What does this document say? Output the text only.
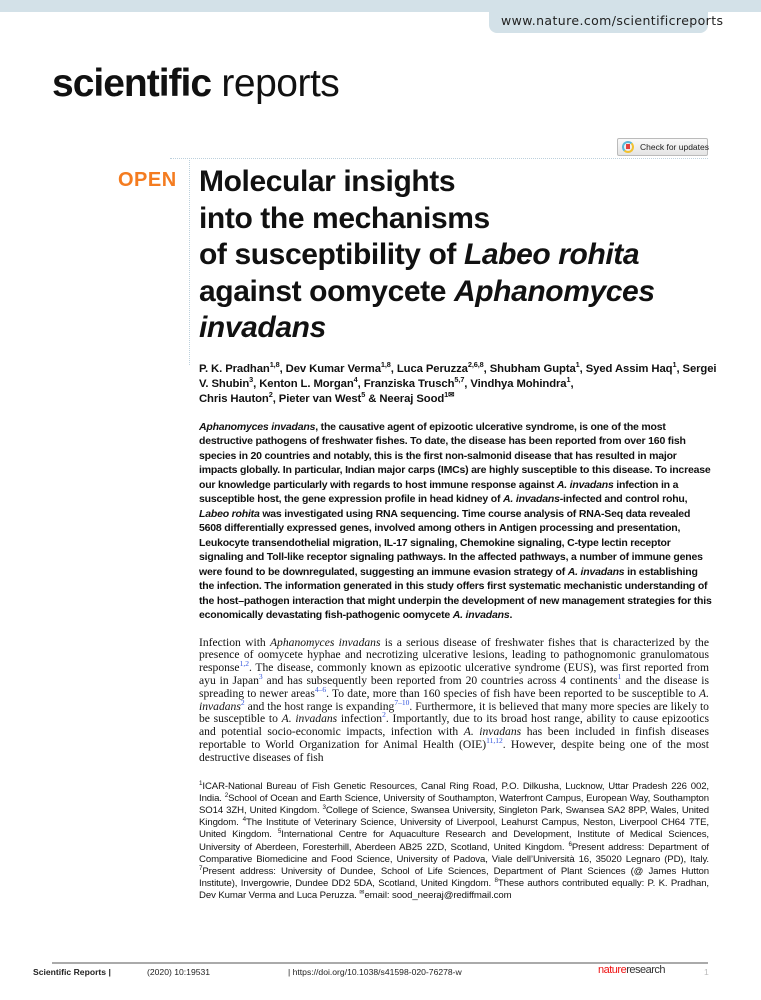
www.nature.com/scientificreports
scientific reports
Check for updates
OPEN Molecular insights
into the mechanisms
of susceptibility of Labeo rohita
against oomycete Aphanomyces
invadans
P. K. Pradhan$^{1,8}$, Dev Kumar Verma$^{1,8}$, Luca Peruzza$^{2,6,8}$, Shubham Gupta$^1$, Syed Assim Haq$^1$, Sergei V. Shubin$^3$, Kenton L. Morgan$^4$, Franziska Trusch$^{5,7}$, Vindhya Mohindra$^1$,
Chris Hauton$^2$, Pieter van West$^5$ & Neeraj Sood$^{1✉}$
Aphanomyces invadans, the causative agent of epizootic ulcerative syndrome, is one of the most destructive pathogens of freshwater fishes. To date, the disease has been reported from over 160 fish species in 20 countries and notably, this is the first non-salmonid disease that has resulted in major impacts globally. In particular, Indian major carps (IMCs) are highly susceptible to this disease. To increase our knowledge particularly with regards to host immune response against A. invadans infection in a susceptible host, the gene expression profile in head kidney of A. invadans-infected and control rohu, Labeo rohita was investigated using RNA sequencing. Time course analysis of RNA-Seq data revealed 5608 differentially expressed genes, involved among others in Antigen processing and presentation, Leukocyte transendothelial migration, IL-17 signaling, Chemokine signaling, C-type lectin receptor signaling and Toll-like receptor signaling pathways. In the affected pathways, a number of immune genes were found to be downregulated, suggesting an immune evasion strategy of A. invadans in establishing the infection. The information generated in this study offers first systematic mechanistic understanding of the host–pathogen interaction that might underpin the development of new management strategies for this economically devastating fish-pathogenic oomycete A. invadans.
Infection with Aphanomyces invadans is a serious disease of freshwater fishes that is characterized by the presence of oomycete hyphae and necrotizing ulcerative lesions, leading to pathognomonic granulomatous response$^{1,2}$. The disease, commonly known as epizootic ulcerative syndrome (EUS), was first reported from ayu in Japan$^3$ and has subsequently been reported from 20 countries across 4 continents$^1$ and the disease is spreading to newer areas$^{4-6}$. To date, more than 160 species of fish have been reported to be susceptible to A. invadans$^2$ and the host range is expanding$^{7-10}$. Furthermore, it is believed that many more species are likely to be susceptible to A. invadans infection$^2$. Importantly, due to its broad host range, ability to cause epizootics and potential socio-economic impacts, infection with A. invadans has been included in finfish diseases reportable to World Organization for Animal Health (OIE)$^{11,12}$. However, despite being one of the most destructive diseases of fish
$^1$ICAR-National Bureau of Fish Genetic Resources, Canal Ring Road, P.O. Dilkusha, Lucknow, Uttar Pradesh 226 002, India. $^2$School of Ocean and Earth Science, University of Southampton, Waterfront Campus, European Way, Southampton SO14 3ZH, United Kingdom. $^3$College of Science, Swansea University, Singleton Park, Swansea SA2 8PP, Wales, United Kingdom. $^4$The Institute of Veterinary Science, University of Liverpool, Leahurst Campus, Neston, Liverpool CH64 7TE, United Kingdom. $^5$International Centre for Aquaculture Research and Development, Institute of Medical Sciences, University of Aberdeen, Foresterhill, Aberdeen AB25 2ZD, Scotland, United Kingdom. $^6$Present address: Department of Comparative Biomedicine and Food Science, University of Padova, Viale dell’Università 16, 35020 Legnaro (PD), Italy. $^7$Present address: University of Dundee, School of Life Sciences, Department of Plant Sciences (@ James Hutton Institute), Invergowrie, Dundee DD2 5DA, Scotland, United Kingdom. $^8$These authors contributed equally: P. K. Pradhan, Dev Kumar Verma and Luca Peruzza. ✉email: sood_neeraj@rediffmail.com
Scientific Reports |	(2020) 10:19531	| https://doi.org/10.1038/s41598-020-76278-w	natureresearch	1
